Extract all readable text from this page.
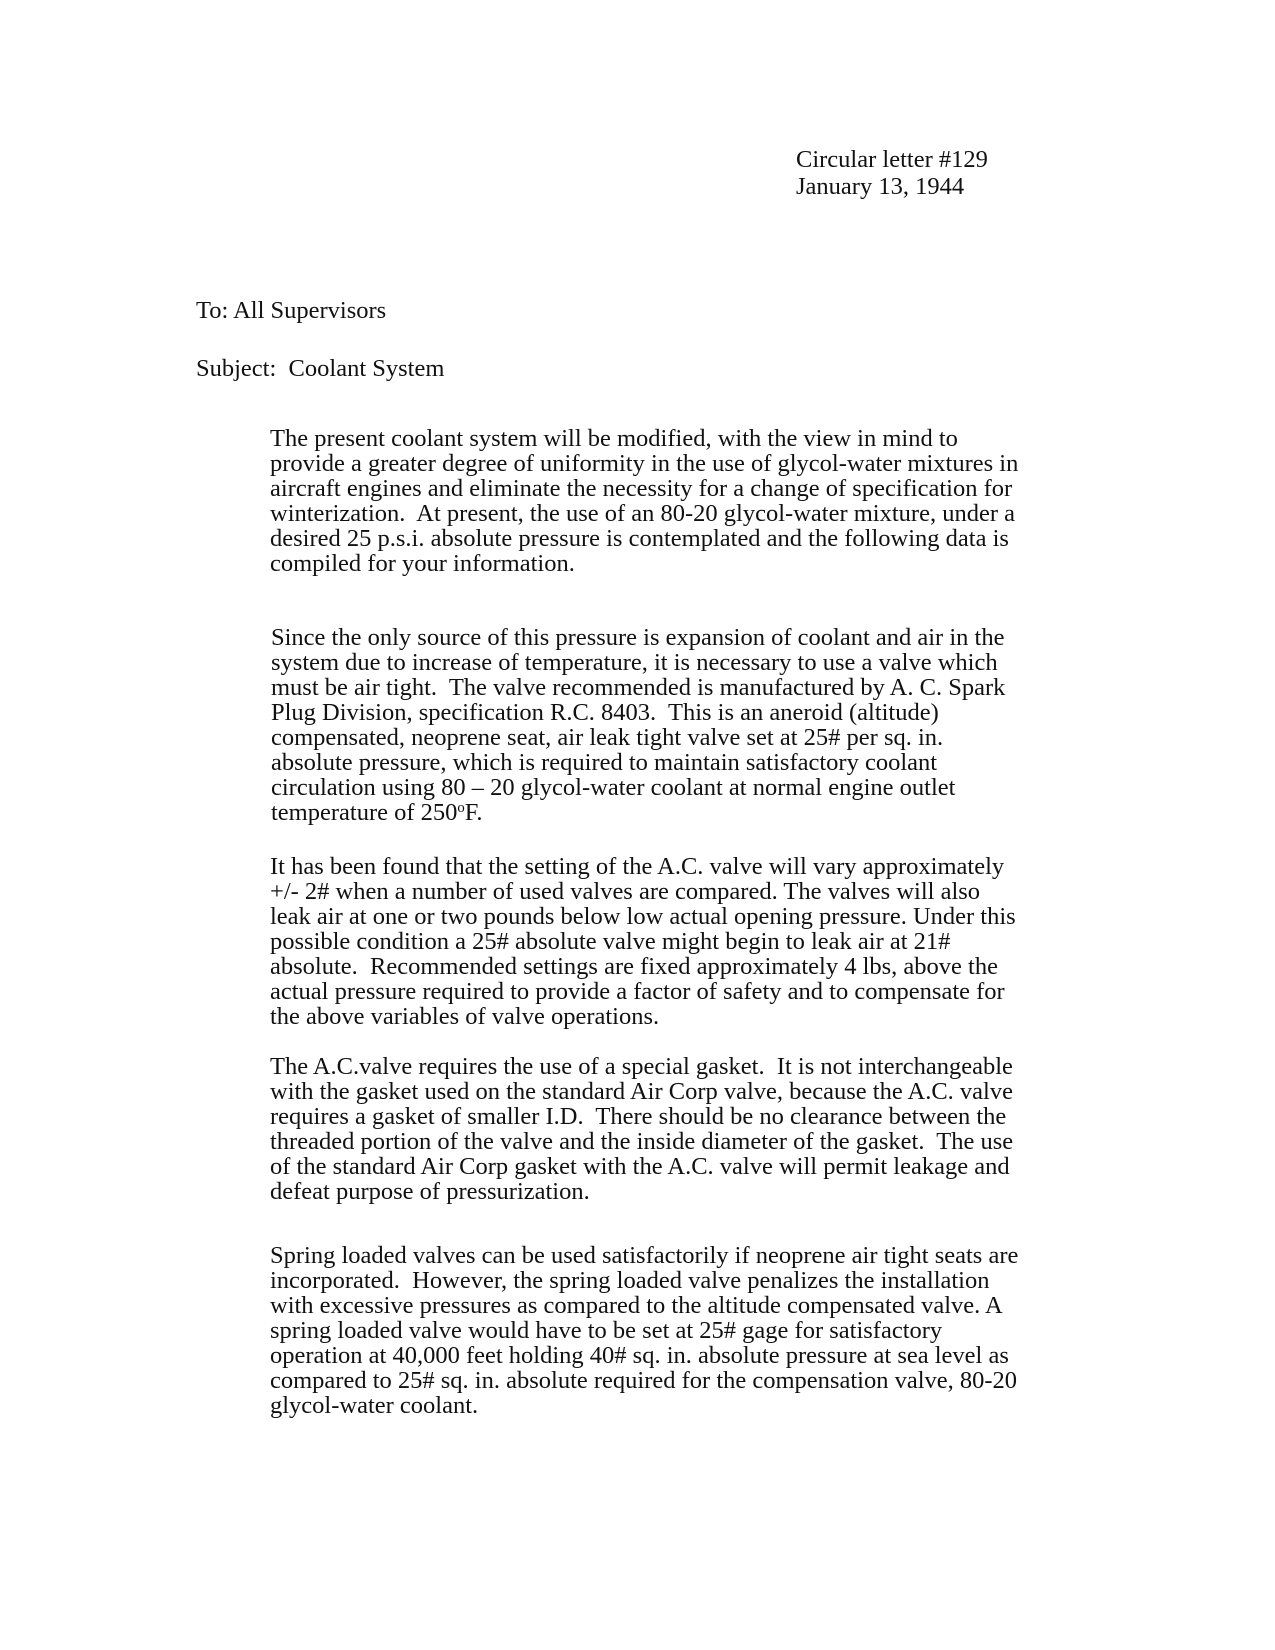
Circular letter #129
January 13, 1944
To: All Supervisors
Subject:  Coolant System
The present coolant system will be modified, with the view in mind to
provide a greater degree of uniformity in the use of glycol-water mixtures in
aircraft engines and eliminate the necessity for a change of specification for
winterization.  At present, the use of an 80-20 glycol-water mixture, under a
desired 25 p.s.i. absolute pressure is contemplated and the following data is
compiled for your information.
Since the only source of this pressure is expansion of coolant and air in the
system due to increase of temperature, it is necessary to use a valve which
must be air tight.  The valve recommended is manufactured by A. C. Spark
Plug Division, specification R.C. 8403.  This is an aneroid (altitude)
compensated, neoprene seat, air leak tight valve set at 25# per sq. in.
absolute pressure, which is required to maintain satisfactory coolant
circulation using 80 – 20 glycol-water coolant at normal engine outlet
temperature of 250$^o$F.
It has been found that the setting of the A.C. valve will vary approximately
+/- 2# when a number of used valves are compared. The valves will also
leak air at one or two pounds below low actual opening pressure. Under this
possible condition a 25# absolute valve might begin to leak air at 21#
absolute.  Recommended settings are fixed approximately 4 lbs, above the
actual pressure required to provide a factor of safety and to compensate for
the above variables of valve operations.
The A.C.valve requires the use of a special gasket.  It is not interchangeable
with the gasket used on the standard Air Corp valve, because the A.C. valve
requires a gasket of smaller I.D.  There should be no clearance between the
threaded portion of the valve and the inside diameter of the gasket.  The use
of the standard Air Corp gasket with the A.C. valve will permit leakage and
defeat purpose of pressurization.
Spring loaded valves can be used satisfactorily if neoprene air tight seats are
incorporated.  However, the spring loaded valve penalizes the installation
with excessive pressures as compared to the altitude compensated valve. A
spring loaded valve would have to be set at 25# gage for satisfactory
operation at 40,000 feet holding 40# sq. in. absolute pressure at sea level as
compared to 25# sq. in. absolute required for the compensation valve, 80-20
glycol-water coolant.
